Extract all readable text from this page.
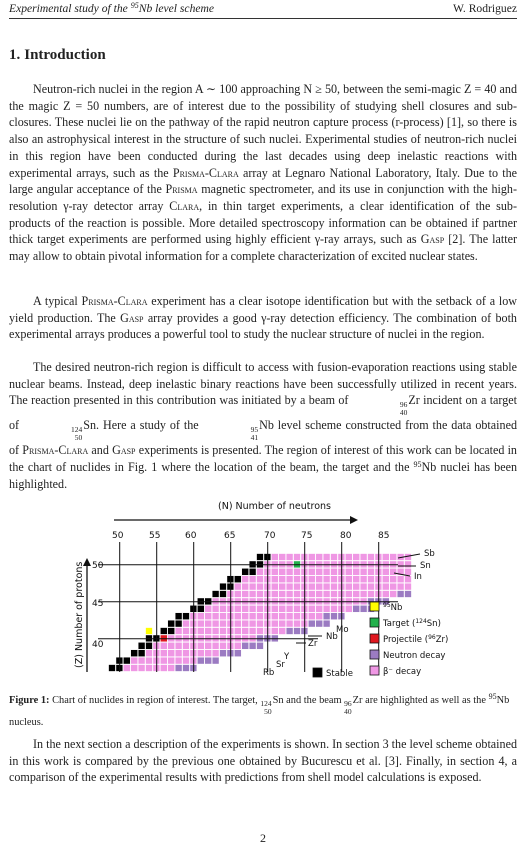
Experimental study of the $^{95}$Nb level scheme	W. Rodriguez
1. Introduction

Neutron-rich nuclei in the region A ∼ 100 approaching N ≥ 50, between the semi-magic Z = 40 and the magic Z = 50 numbers, are of interest due to the possibility of studying shell closures and sub-closures. These nuclei lie on the pathway of the rapid neutron capture process (r-process) [1], so there is also an astrophysical interest in the structure of such nuclei. Experimental studies of neutron-rich nuclei in this region have been conducted during the last decades using deep inelastic reactions with experimental arrays, such as the Prisma-Clara array at Legnaro National Laboratory, Italy. Due to the large angular acceptance of the Prisma magnetic spectrometer, and its use in conjunction with the high-resolution γ-ray detector array Clara, in thin target experiments, a clear identification of the sub-products of the reaction is possible. More detailed spectroscopy information can be obtained if partner thick target experiments are performed using highly efficient γ-ray arrays, such as Gasp [2]. The latter may allow to obtain pivotal information for a complete characterization of excited nuclear states.

A typical Prisma-Clara experiment has a clear isotope identification but with the setback of a low yield production. The Gasp array provides a good γ-ray detection efficiency. The combination of both experimental arrays produces a powerful tool to study the nuclear structure of nuclei in the region.

The desired neutron-rich region is difficult to access with fusion-evaporation reactions using stable nuclear beams. Instead, deep inelastic binary reactions have been successfully utilized in recent years. The reaction presented in this contribution was initiated by a beam of	96
40
Zr incident on a target of	124
50
Sn. Here a study of the	95
41
Nb level scheme constructed from the data obtained of Prisma-Clara and Gasp experiments is presented. The region of interest of this work can be located in the chart of nuclides in Fig. 1 where the location of the beam, the target and the $^{95}$Nb nuclei has been highlighted.

(N) Number of neutrons
(Z) Number of protons
50	55	60	65	70	75	80	85
50
45
40
Sb
Sn
In
Mo
Nb
Zr
Y
Sr
Rb
$^{95}$Nb
Target ($^{124}$Sn)
Projectile ($^{96}$Zr)
Neutron decay
β⁻ decay
Stable
Figure 1: Chart of nuclides in region of interest. The target, 124
50
Sn and the beam 96
40
Zr are highlighted as well as the $^{95}$Nb nucleus.

In the next section a description of the experiments is shown. In section 3 the level scheme obtained in this work is compared by the previous one obtained by Bucurescu et al. [3]. Finally, in section 4, a comparison of the experimental results with predictions from shell model calculations is exposed.

2
